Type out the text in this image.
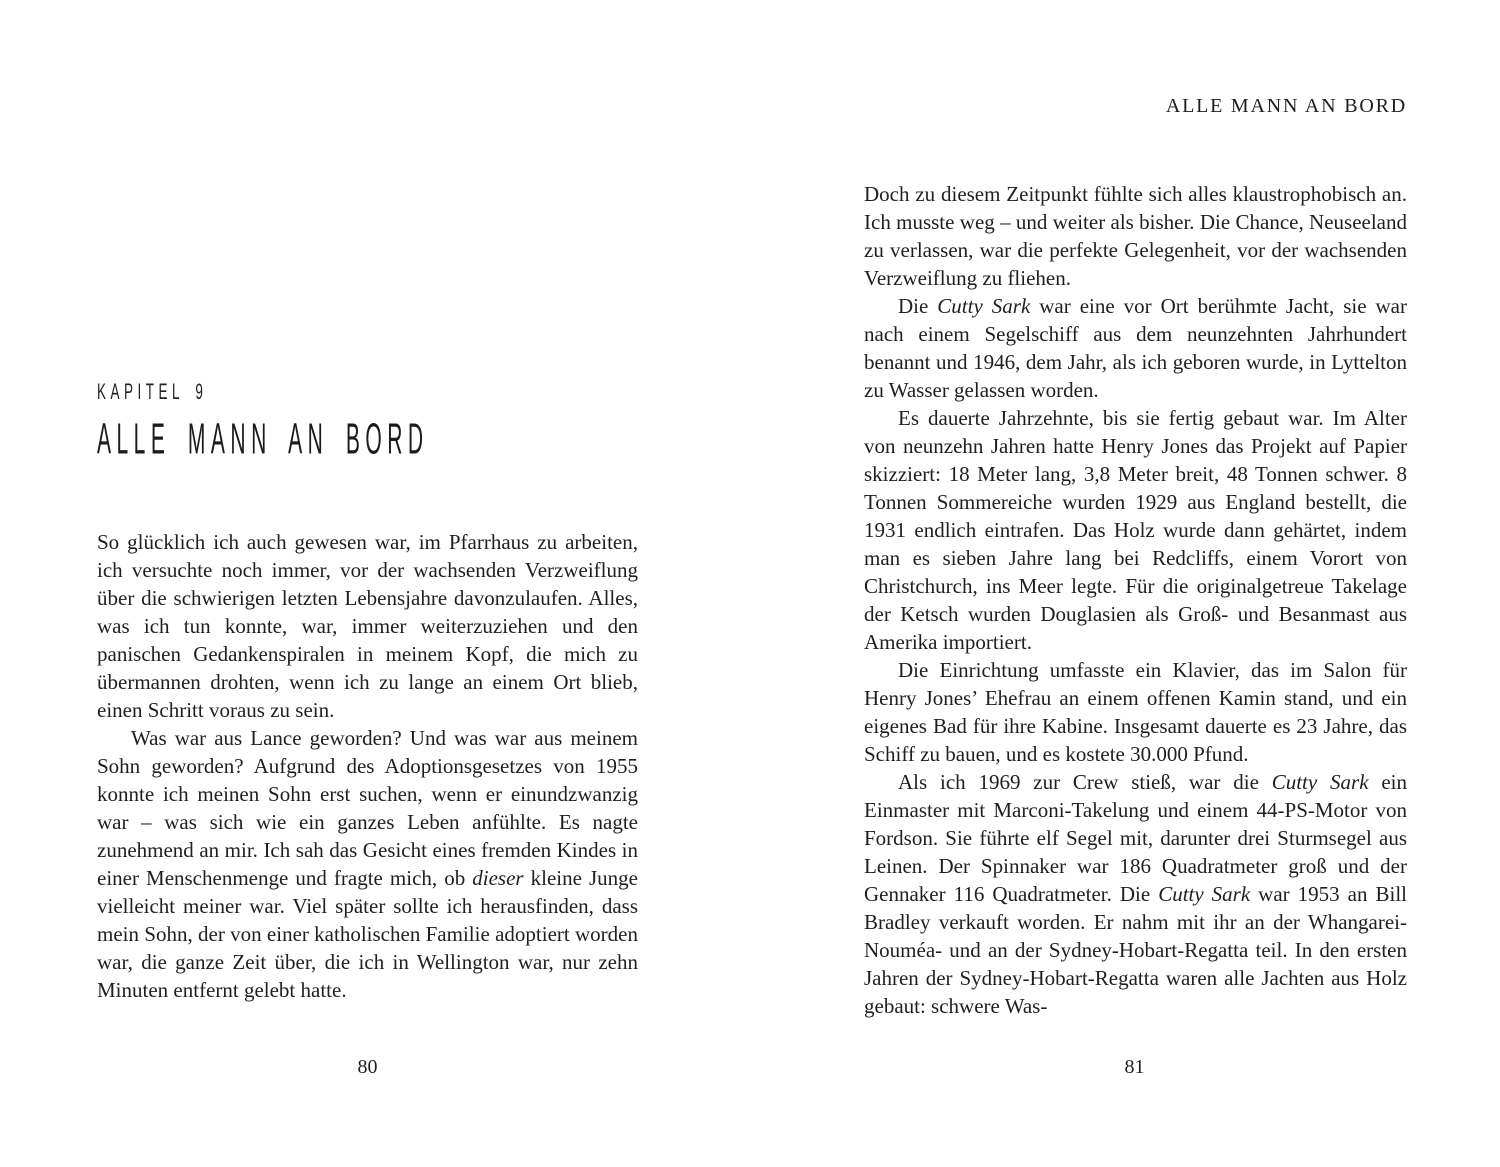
KAPITEL 9
ALLE MANN AN BORD

So glücklich ich auch gewesen war, im Pfarrhaus zu arbeiten, ich versuchte noch immer, vor der wachsenden Verzweiflung über die schwierigen letzten Lebensjahre davonzulaufen. Alles, was ich tun konnte, war, immer weiterzuziehen und den panischen Gedankenspiralen in meinem Kopf, die mich zu übermannen drohten, wenn ich zu lange an einem Ort blieb, einen Schritt voraus zu sein.

Was war aus Lance geworden? Und was war aus meinem Sohn geworden? Aufgrund des Adoptionsgesetzes von 1955 konnte ich meinen Sohn erst suchen, wenn er einundzwanzig war – was sich wie ein ganzes Leben anfühlte. Es nagte zunehmend an mir. Ich sah das Gesicht eines fremden Kindes in einer Menschenmenge und fragte mich, ob dieser kleine Junge vielleicht meiner war. Viel später sollte ich herausfinden, dass mein Sohn, der von einer katholischen Familie adoptiert worden war, die ganze Zeit über, die ich in Wellington war, nur zehn Minuten entfernt gelebt hatte.

80
ALLE MANN AN BORD

Doch zu diesem Zeitpunkt fühlte sich alles klaustrophobisch an. Ich musste weg – und weiter als bisher. Die Chance, Neuseeland zu verlassen, war die perfekte Gelegenheit, vor der wachsenden Verzweiflung zu fliehen.

Die Cutty Sark war eine vor Ort berühmte Jacht, sie war nach einem Segelschiff aus dem neunzehnten Jahrhundert benannt und 1946, dem Jahr, als ich geboren wurde, in Lyttelton zu Wasser gelassen worden.

Es dauerte Jahrzehnte, bis sie fertig gebaut war. Im Alter von neunzehn Jahren hatte Henry Jones das Projekt auf Papier skizziert: 18 Meter lang, 3,8 Meter breit, 48 Tonnen schwer. 8 Tonnen Sommereiche wurden 1929 aus England bestellt, die 1931 endlich eintrafen. Das Holz wurde dann gehärtet, indem man es sieben Jahre lang bei Redcliffs, einem Vorort von Christchurch, ins Meer legte. Für die originalgetreue Takelage der Ketsch wurden Douglasien als Groß- und Besanmast aus Amerika importiert.

Die Einrichtung umfasste ein Klavier, das im Salon für Henry Jones’ Ehefrau an einem offenen Kamin stand, und ein eigenes Bad für ihre Kabine. Insgesamt dauerte es 23 Jahre, das Schiff zu bauen, und es kostete 30.000 Pfund.

Als ich 1969 zur Crew stieß, war die Cutty Sark ein Einmaster mit Marconi-Takelung und einem 44-PS-Motor von Fordson. Sie führte elf Segel mit, darunter drei Sturmsegel aus Leinen. Der Spinnaker war 186 Quadratmeter groß und der Gennaker 116 Quadratmeter. Die Cutty Sark war 1953 an Bill Bradley verkauft worden. Er nahm mit ihr an der Whangarei-Nouméa- und an der Sydney-Hobart-Regatta teil. In den ersten Jahren der Sydney-Hobart-Regatta waren alle Jachten aus Holz gebaut: schwere Was-

81
